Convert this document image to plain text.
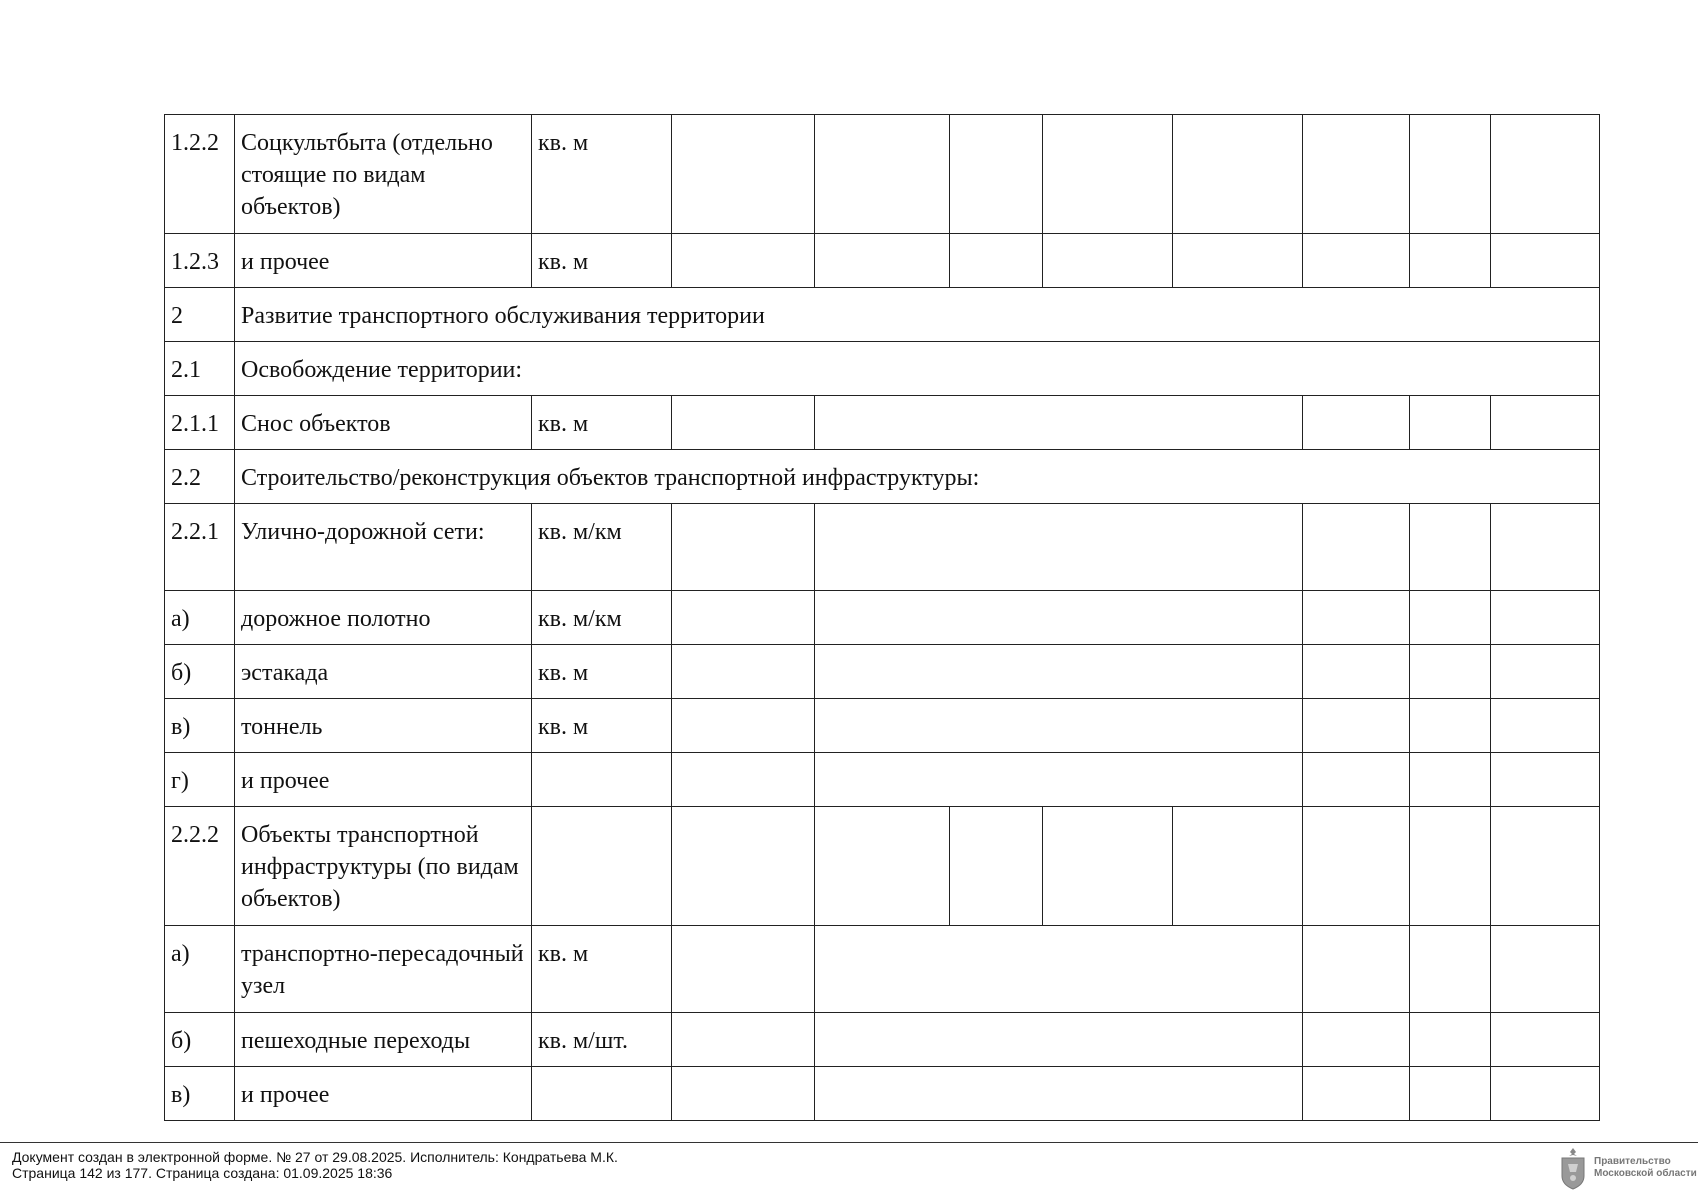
1.2.2	Соцкультбыта (отдельно стоящие по видам объектов)	кв. м								
1.2.3	и прочее	кв. м								
2	Развитие транспортного обслуживания территории									
2.1	Освобождение территории:									
2.1.1	Снос объектов	кв. м								
2.2	Строительство/реконструкция объектов транспортной инфраструктуры:									
2.2.1	Улично-дорожной сети:	кв. м/км								
а)	дорожное полотно	кв. м/км								
б)	эстакада	кв. м								
в)	тоннель	кв. м								
г)	и прочее									
2.2.2	Объекты транспортной инфраструктуры (по видам объектов)									
а)	транспортно-пересадочный узел	кв. м								
б)	пешеходные переходы	кв. м/шт.								
в)	и прочее									
Документ создан в электронной форме. № 27 от 29.08.2025. Исполнитель: Кондратьева М.К.
Страница 142 из 177. Страница создана: 01.09.2025 18:36
Правительство
Московской области
